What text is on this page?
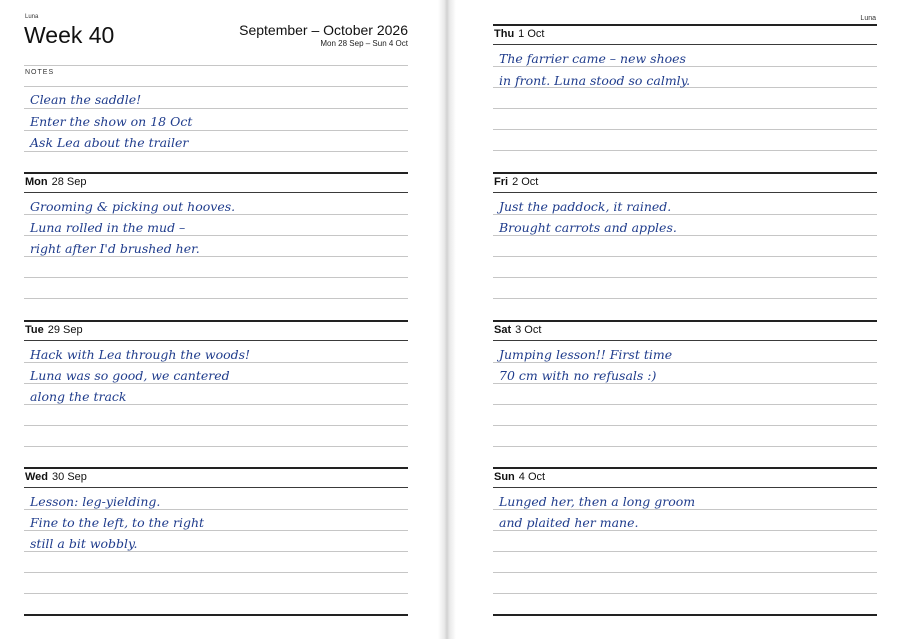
Luna
Week 40	September – October 2026
Mon 28 Sep – Sun 4 Oct
NOTES
Clean the saddle!
Enter the show on 18 Oct
Ask Lea about the trailer
Mon 28 Sep
Grooming & picking out hooves.
Luna rolled in the mud –
right after I'd brushed her.
Tue 29 Sep
Hack with Lea through the woods!
Luna was so good, we cantered
along the track
Wed 30 Sep
Lesson: leg-yielding.
Fine to the left, to the right
still a bit wobbly.
Luna
Thu 1 Oct
The farrier came – new shoes
in front. Luna stood so calmly.
Fri 2 Oct
Just the paddock, it rained.
Brought carrots and apples.
Sat 3 Oct
Jumping lesson!! First time
70 cm with no refusals :)
Sun 4 Oct
Lunged her, then a long groom
and plaited her mane.
